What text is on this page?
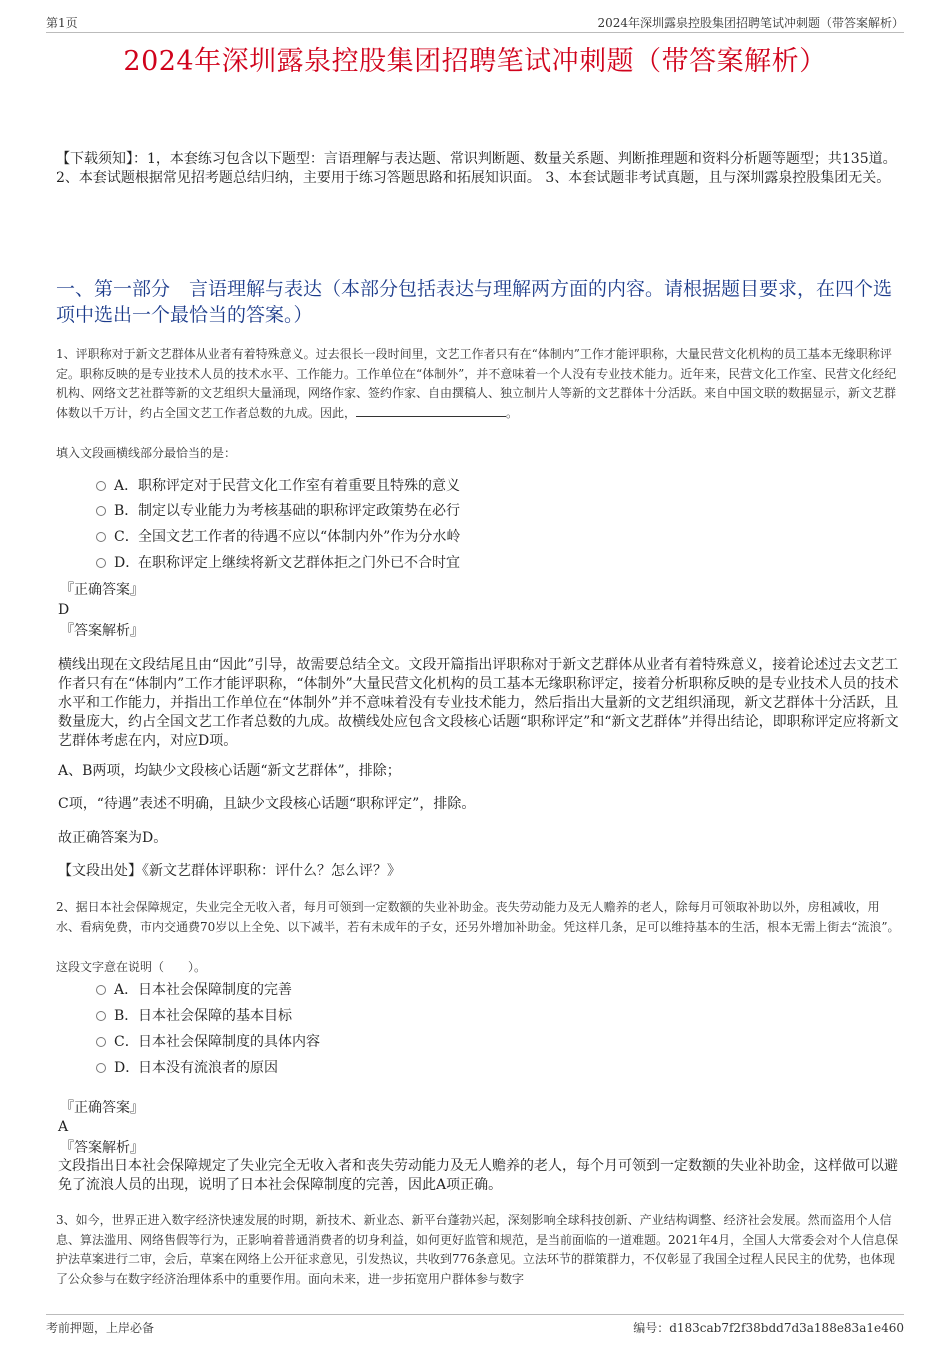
第1页	2024年深圳露泉控股集团招聘笔试冲刺题（带答案解析）
2024年深圳露泉控股集团招聘笔试冲刺题（带答案解析）
【下载须知】：1，本套练习包含以下题型：言语理解与表达题、常识判断题、数量关系题、判断推理题和资料分析题等题型；共135道。 2、本套试题根据常见招考题总结归纳，主要用于练习答题思路和拓展知识面。 3、本套试题非考试真题，且与深圳露泉控股集团无关。
一、第一部分　言语理解与表达（本部分包括表达与理解两方面的内容。请根据题目要求，在四个选项中选出一个最恰当的答案。）
1、评职称对于新文艺群体从业者有着特殊意义。过去很长一段时间里，文艺工作者只有在“体制内”工作才能评职称，大量民营文化机构的员工基本无缘职称评定。职称反映的是专业技术人员的技术水平、工作能力。工作单位在“体制外”，并不意味着一个人没有专业技术能力。近年来，民营文化工作室、民营文化经纪机构、网络文艺社群等新的文艺组织大量涌现，网络作家、签约作家、自由撰稿人、独立制片人等新的文艺群体十分活跃。来自中国文联的数据显示，新文艺群体数以千万计，约占全国文艺工作者总数的九成。因此，	。
填入文段画横线部分最恰当的是：
A．职称评定对于民营文化工作室有着重要且特殊的意义
B．制定以专业能力为考核基础的职称评定政策势在必行
C．全国文艺工作者的待遇不应以“体制内外”作为分水岭
D．在职称评定上继续将新文艺群体拒之门外已不合时宜
『正确答案』
D
『答案解析』
横线出现在文段结尾且由“因此”引导，故需要总结全文。文段开篇指出评职称对于新文艺群体从业者有着特殊意义，接着论述过去文艺工作者只有在“体制内”工作才能评职称，“体制外”大量民营文化机构的员工基本无缘职称评定，接着分析职称反映的是专业技术人员的技术水平和工作能力，并指出工作单位在“体制外”并不意味着没有专业技术能力，然后指出大量新的文艺组织涌现，新文艺群体十分活跃，且数量庞大，约占全国文艺工作者总数的九成。故横线处应包含文段核心话题“职称评定”和“新文艺群体”并得出结论，即职称评定应将新文艺群体考虑在内，对应D项。
A、B两项，均缺少文段核心话题“新文艺群体”，排除；
C项，“待遇”表述不明确，且缺少文段核心话题“职称评定”，排除。
故正确答案为D。
【文段出处】《新文艺群体评职称：评什么？怎么评？》
2、据日本社会保障规定，失业完全无收入者，每月可领到一定数额的失业补助金。丧失劳动能力及无人赡养的老人，除每月可领取补助以外，房租减收，用水、看病免费，市内交通费70岁以上全免、以下减半，若有未成年的子女，还另外增加补助金。凭这样几条，足可以维持基本的生活，根本无需上街去“流浪”。
这段文字意在说明（　　）。
A．日本社会保障制度的完善
B．日本社会保障的基本目标
C．日本社会保障制度的具体内容
D．日本没有流浪者的原因
『正确答案』
A
『答案解析』
文段指出日本社会保障规定了失业完全无收入者和丧失劳动能力及无人赡养的老人，每个月可领到一定数额的失业补助金，这样做可以避免了流浪人员的出现，说明了日本社会保障制度的完善，因此A项正确。
3、如今，世界正进入数字经济快速发展的时期，新技术、新业态、新平台蓬勃兴起，深刻影响全球科技创新、产业结构调整、经济社会发展。然而盗用个人信息、算法滥用、网络售假等行为，正影响着普通消费者的切身利益，如何更好监管和规范，是当前面临的一道难题。2021年4月，全国人大常委会对个人信息保护法草案进行二审，会后，草案在网络上公开征求意见，引发热议，共收到776条意见。立法环节的群策群力，不仅彰显了我国全过程人民民主的优势，也体现了公众参与在数字经济治理体系中的重要作用。面向未来，进一步拓宽用户群体参与数字
考前押题，上岸必备	编号：d183cab7f2f38bdd7d3a188e83a1e460
